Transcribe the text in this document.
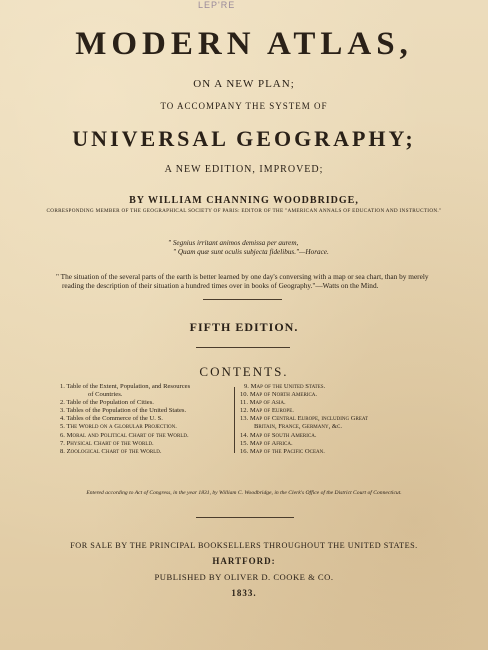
LEP'RE
MODERN ATLAS,
ON A NEW PLAN;
TO ACCOMPANY THE SYSTEM OF
UNIVERSAL GEOGRAPHY;
A NEW EDITION, IMPROVED;
BY WILLIAM CHANNING WOODBRIDGE,
CORRESPONDING MEMBER OF THE GEOGRAPHICAL SOCIETY OF PARIS: EDITOR OF THE "AMERICAN ANNALS OF EDUCATION AND INSTRUCTION."
" Segnius irritant animos demissa per aurem,
" Quam quæ sunt oculis subjecta fidelibus."—Horace.
" The situation of the several parts of the earth is better learned by one day's conversing with a map or sea chart, than by merely
reading the description of their situation a hundred times over in books of Geography."—Watts on the Mind.
FIFTH EDITION.
CONTENTS.
1. Table of the Extent, Population, and Resources
of Countries.
2. Table of the Population of Cities.
3. Tables of the Population of the United States.
4. Tables of the Commerce of the U. S.
5. The World on a Globular Projection.
6. Moral and Political Chart of the World.
7. Physical Chart of the World.
8. Zoological Chart of the World.
9. Map of the United States.
10. Map of North America.
11. Map of Asia.
12. Map of Europe.
13. Map of Central Europe, including Great
Britain, France, Germany, &c.
14. Map of South America.
15. Map of Africa.
16. Map of the Pacific Ocean.
Entered according to Act of Congress, in the year 1831, by William C. Woodbridge, in the Clerk's Office of the District Court of Connecticut.
FOR SALE BY THE PRINCIPAL BOOKSELLERS THROUGHOUT THE UNITED STATES.
HARTFORD:
PUBLISHED BY OLIVER D. COOKE & CO.
1833.
